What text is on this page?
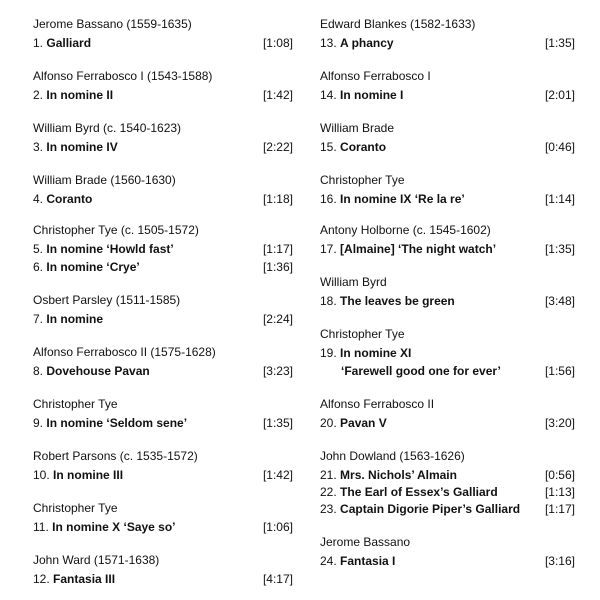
Jerome Bassano (1559-1635)
1. Galliard	[1:08]
Alfonso Ferrabosco I (1543-1588)
2. In nomine II	[1:42]
William Byrd (c. 1540-1623)
3. In nomine IV	[2:22]
William Brade (1560-1630)
4. Coranto	[1:18]
Christopher Tye (c. 1505-1572)
5. In nomine ‘Howld fast’	[1:17]
6. In nomine ‘Crye’	[1:36]
Osbert Parsley (1511-1585)
7. In nomine	[2:24]
Alfonso Ferrabosco II (1575-1628)
8. Dovehouse Pavan	[3:23]
Christopher Tye
9. In nomine ‘Seldom sene’	[1:35]
Robert Parsons (c. 1535-1572)
10. In nomine III	[1:42]
Christopher Tye
11. In nomine X ‘Saye so’	[1:06]
John Ward (1571-1638)
12. Fantasia III	[4:17]
Edward Blankes (1582-1633)
13. A phancy	[1:35]
Alfonso Ferrabosco I
14. In nomine I	[2:01]
William Brade
15. Coranto	[0:46]
Christopher Tye
16. In nomine IX ‘Re la re’	[1:14]
Antony Holborne (c. 1545-1602)
17. [Almaine] ‘The night watch’	[1:35]
William Byrd
18. The leaves be green	[3:48]
Christopher Tye
19. In nomine XI
‘Farewell good one for ever’	[1:56]
Alfonso Ferrabosco II
20. Pavan V	[3:20]
John Dowland (1563-1626)
21. Mrs. Nichols’ Almain	[0:56]
22. The Earl of Essex’s Galliard	[1:13]
23. Captain Digorie Piper’s Galliard [1:17]
Jerome Bassano
24. Fantasia I	[3:16]
